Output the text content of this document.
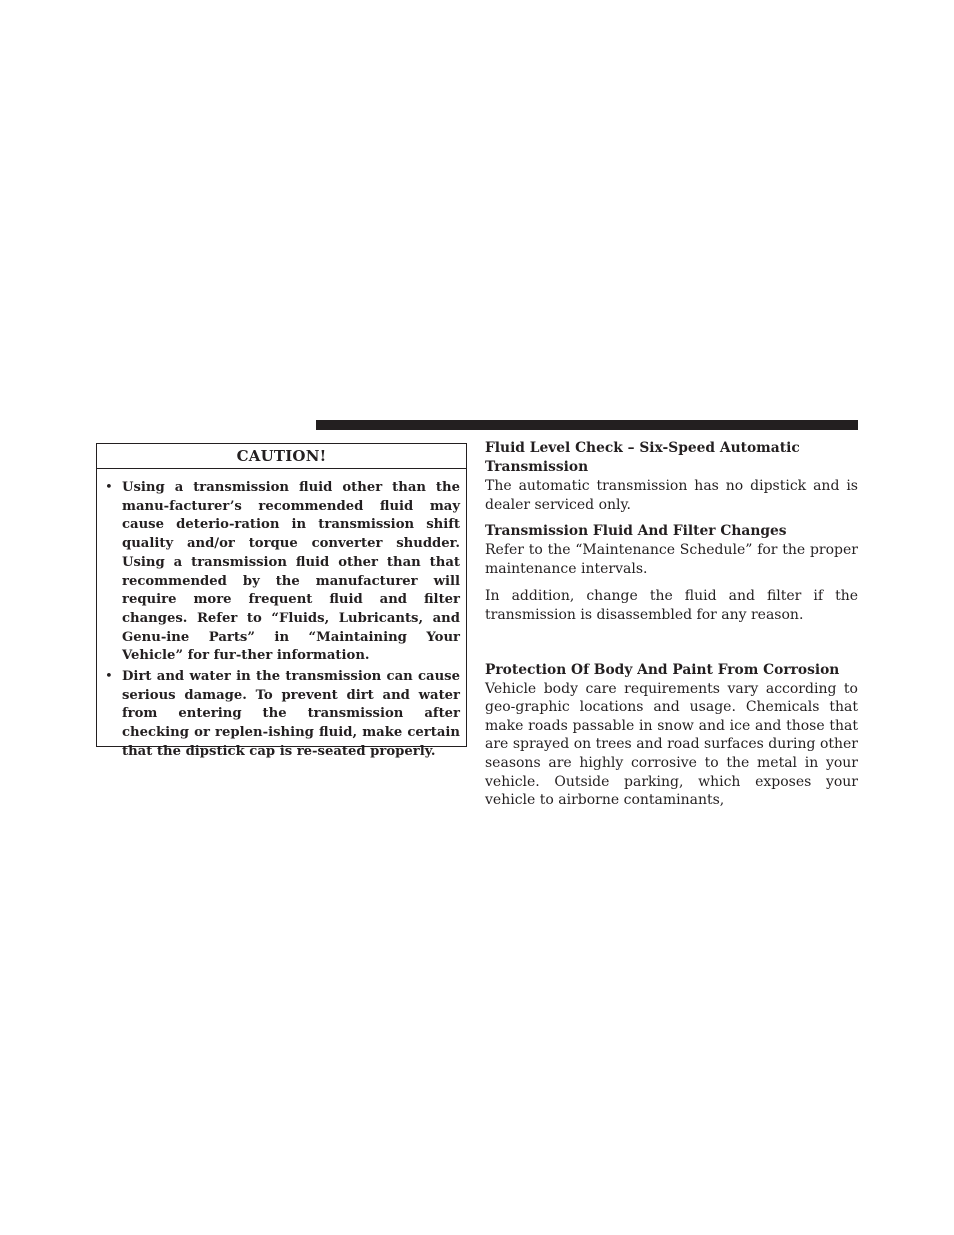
CAUTION!
• Using a transmission fluid other than the manu-facturer’s recommended fluid may cause deterio-ration in transmission shift quality and/or torque converter shudder. Using a transmission fluid other than that recommended by the manufacturer will require more frequent fluid and filter changes. Refer to “Fluids, Lubricants, and Genu-ine Parts” in “Maintaining Your Vehicle” for fur-ther information.
• Dirt and water in the transmission can cause serious damage. To prevent dirt and water from entering the transmission after checking or replen-ishing fluid, make certain that the dipstick cap is re-seated properly.
Fluid Level Check – Six-Speed Automatic Transmission

The automatic transmission has no dipstick and is dealer serviced only.

Transmission Fluid And Filter Changes

Refer to the “Maintenance Schedule” for the proper maintenance intervals.

In addition, change the fluid and filter if the transmission is disassembled for any reason.

Protection Of Body And Paint From Corrosion

Vehicle body care requirements vary according to geo-graphic locations and usage. Chemicals that make roads passable in snow and ice and those that are sprayed on trees and road surfaces during other seasons are highly corrosive to the metal in your vehicle. Outside parking, which exposes your vehicle to airborne contaminants,
